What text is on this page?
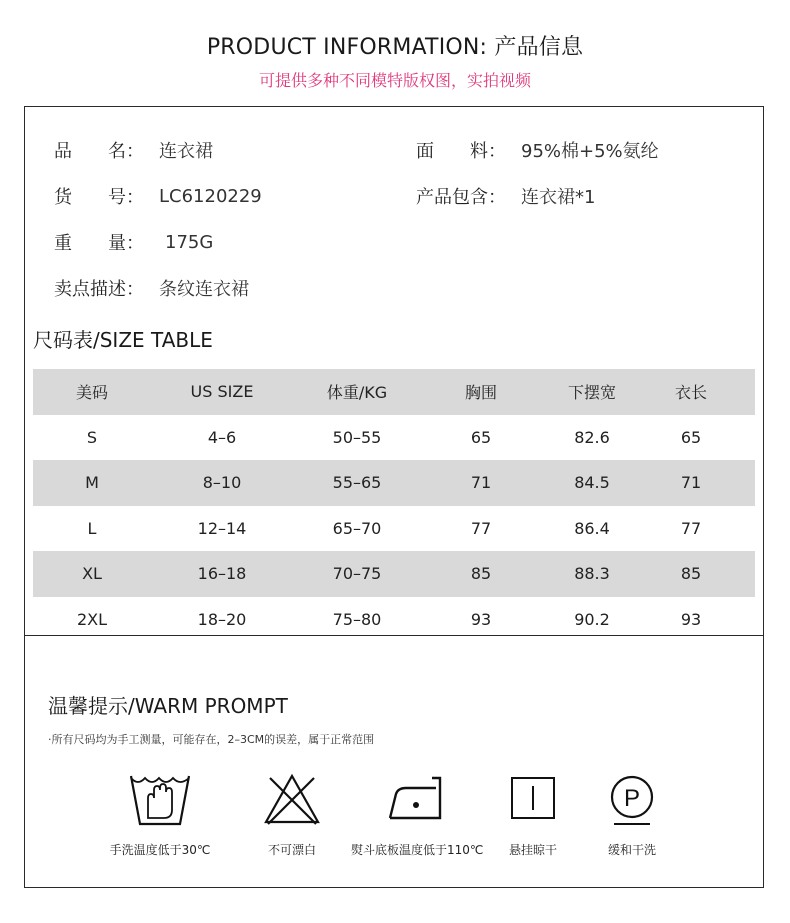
PRODUCT INFORMATION: 产品信息
可提供多种不同模特版权图，实拍视频
品 名： 连衣裙	面 料： 95%棉+5%氨纶
货 号： LC6120229	产品包含： 连衣裙*1
重 量： 175G
卖点描述： 条纹连衣裙
尺码表/SIZE TABLE
美码	US SIZE	体重/KG	胸围	下摆宽	衣长
S	4–6	50–55	65	82.6	65
M	8–10	55–65	71	84.5	71
L	12–14	65–70	77	86.4	77
XL	16–18	70–75	85	88.3	85
2XL	18–20	75–80	93	90.2	93
温馨提示/WARM PROMPT
·所有尺码均为手工测量，可能存在，2–3CM的误差，属于正常范围
手洗温度低于30℃	不可漂白	熨斗底板温度低于110℃	悬挂晾干
P
缓和干洗
